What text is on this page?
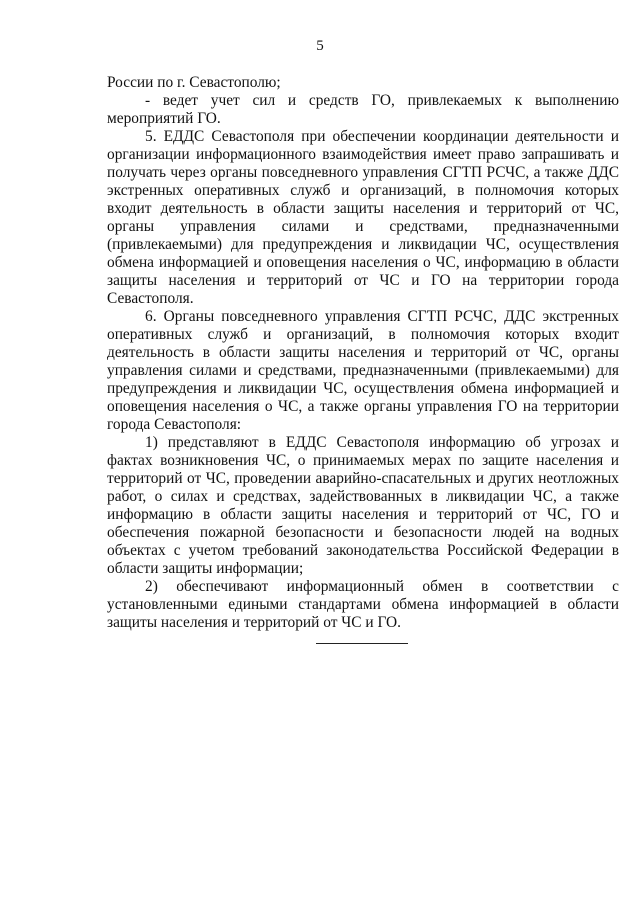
5

России по г. Севастополю;

- ведет учет сил и средств ГО, привлекаемых к выполнению мероприятий ГО.

5. ЕДДС Севастополя при обеспечении координации деятельности и организации информационного взаимодействия имеет право запрашивать и получать через органы повседневного управления СГТП РСЧС, а также ДДС экстренных оперативных служб и организаций, в полномочия которых входит деятельность в области защиты населения и территорий от ЧС, органы управления силами и средствами, предназначенными (привлекаемыми) для предупреждения и ликвидации ЧС, осуществления обмена информацией и оповещения населения о ЧС, информацию в области защиты населения и территорий от ЧС и ГО на территории города Севастополя.

6. Органы повседневного управления СГТП РСЧС, ДДС экстренных оперативных служб и организаций, в полномочия которых входит деятельность в области защиты населения и территорий от ЧС, органы управления силами и средствами, предназначенными (привлекаемыми) для предупреждения и ликвидации ЧС, осуществления обмена информацией и оповещения населения о ЧС, а также органы управления ГО на территории города Севастополя:

1) представляют в ЕДДС Севастополя информацию об угрозах и фактах возникновения ЧС, о принимаемых мерах по защите населения и территорий от ЧС, проведении аварийно-спасательных и других неотложных работ, о силах и средствах, задействованных в ликвидации ЧС, а также информацию в области защиты населения и территорий от ЧС, ГО и обеспечения пожарной безопасности и безопасности людей на водных объектах с учетом требований законодательства Российской Федерации в области защиты информации;

2) обеспечивают информационный обмен в соответствии с установленными едиными стандартами обмена информацией в области защиты населения и территорий от ЧС и ГО.
